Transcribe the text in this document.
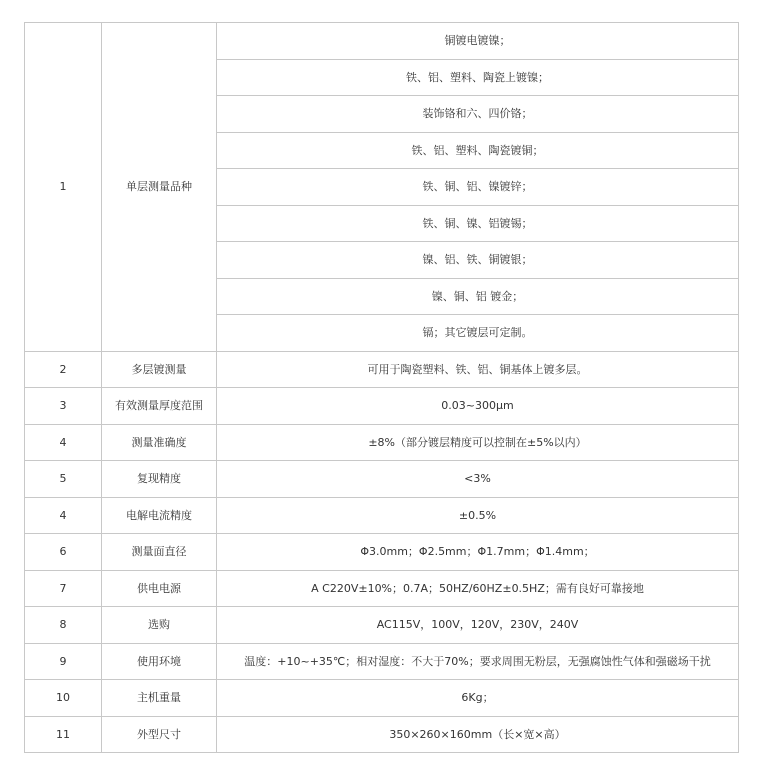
1	单层测量品种	铜镀电镀镍；
		铁、铝、塑料、陶瓷上镀镍；
		装饰铬和六、四价铬；
		铁、铝、塑料、陶瓷镀铜；
		铁、铜、铝、镍镀锌；
		铁、铜、镍、铝镀锡；
		镍、铝、铁、铜镀银；
		镍、铜、铝 镀金；
		镉；其它镀层可定制。
2	多层镀测量	可用于陶瓷塑料、铁、铝、铜基体上镀多层。
3	有效测量厚度范围	0.03~300μm
4	测量准确度	±8%（部分镀层精度可以控制在±5%以内）
5	复现精度	<3%
4	电解电流精度	±0.5%
6	测量面直径	Φ3.0mm；Φ2.5mm；Φ1.7mm；Φ1.4mm；
7	供电电源	A C220V±10%；0.7A；50HZ/60HZ±0.5HZ；需有良好可靠接地
8	选购	AC115V，100V，120V，230V，240V
9	使用环境	温度：+10~+35℃；相对湿度：不大于70%；要求周围无粉层，无强腐蚀性气体和强磁场干扰
10	主机重量	6Kg；
11	外型尺寸	350×260×160mm（长×宽×高）
